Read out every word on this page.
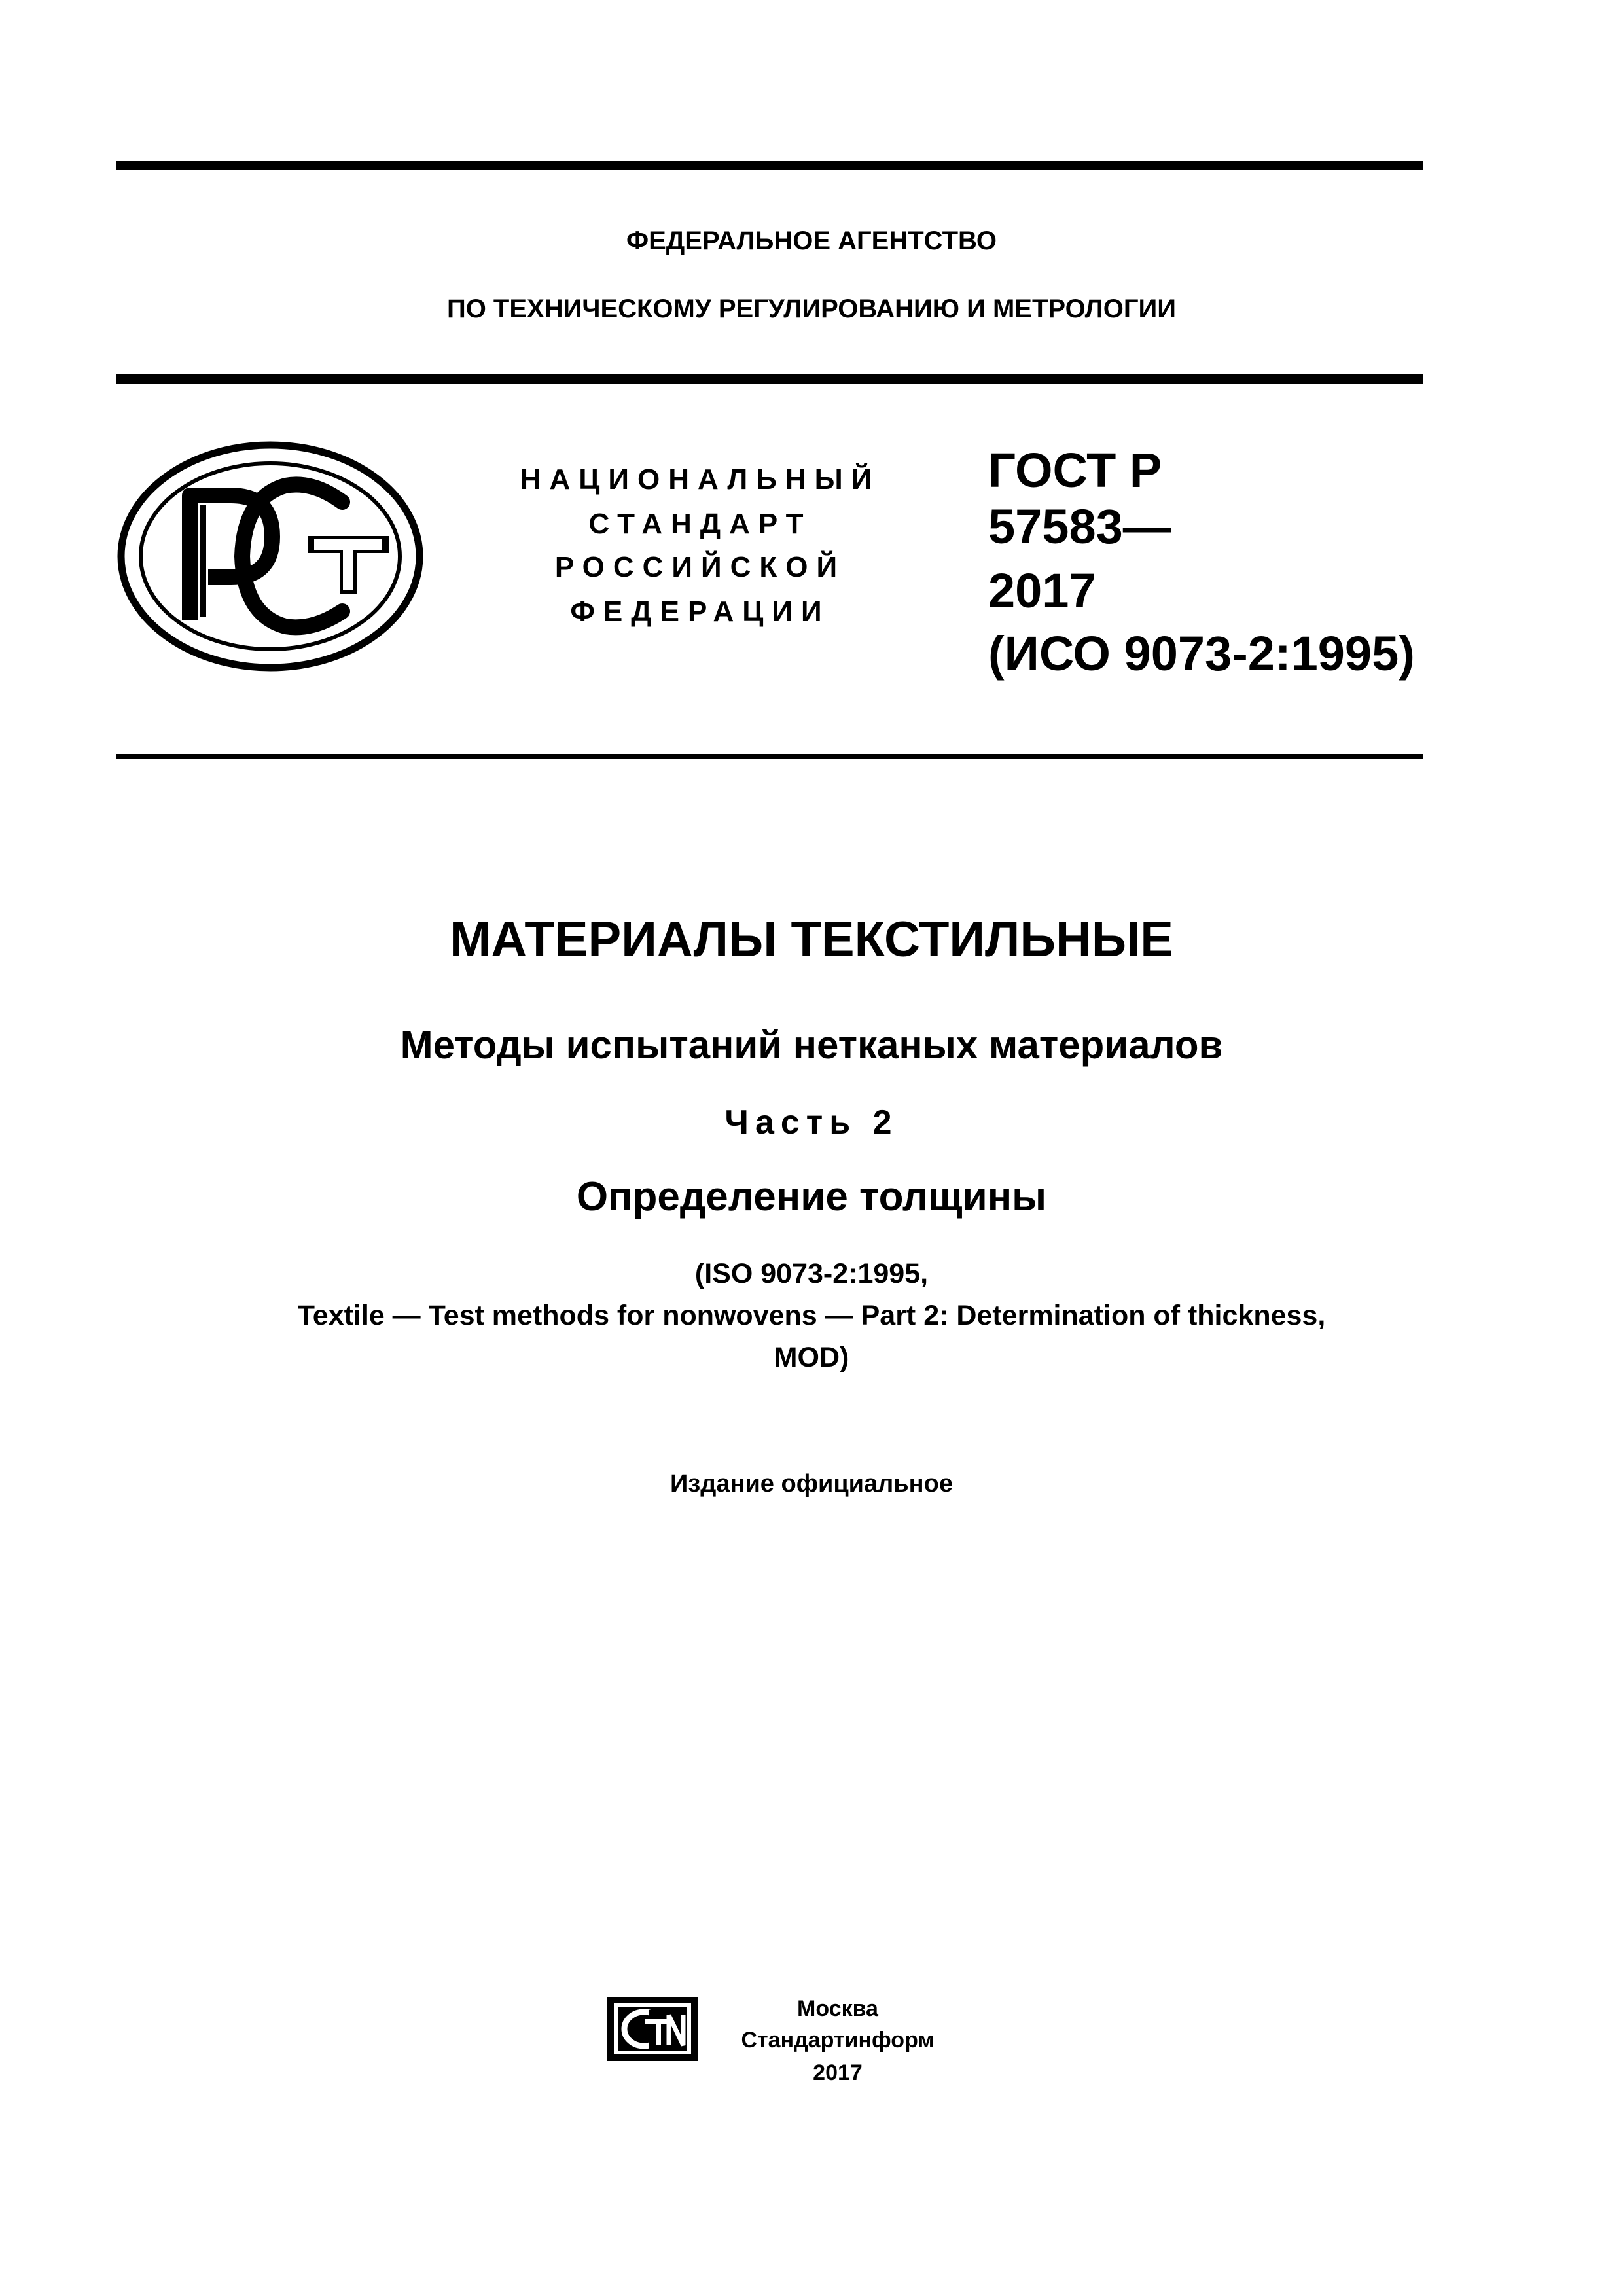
ФЕДЕРАЛЬНОЕ АГЕНТСТВО
ПО ТЕХНИЧЕСКОМУ РЕГУЛИРОВАНИЮ И МЕТРОЛОГИИ
НАЦИОНАЛЬНЫЙ
СТАНДАРТ
РОССИЙСКОЙ
ФЕДЕРАЦИИ
ГОСТ Р
57583—
2017
(ИСО 9073-2:1995)
МАТЕРИАЛЫ ТЕКСТИЛЬНЫЕ
Методы испытаний нетканых материалов
Часть 2
Определение толщины
(ISO 9073-2:1995,
Textile — Test methods for nonwovens — Part 2: Determination of thickness,
MOD)
Издание официальное
Москва
Стандартинформ
2017
